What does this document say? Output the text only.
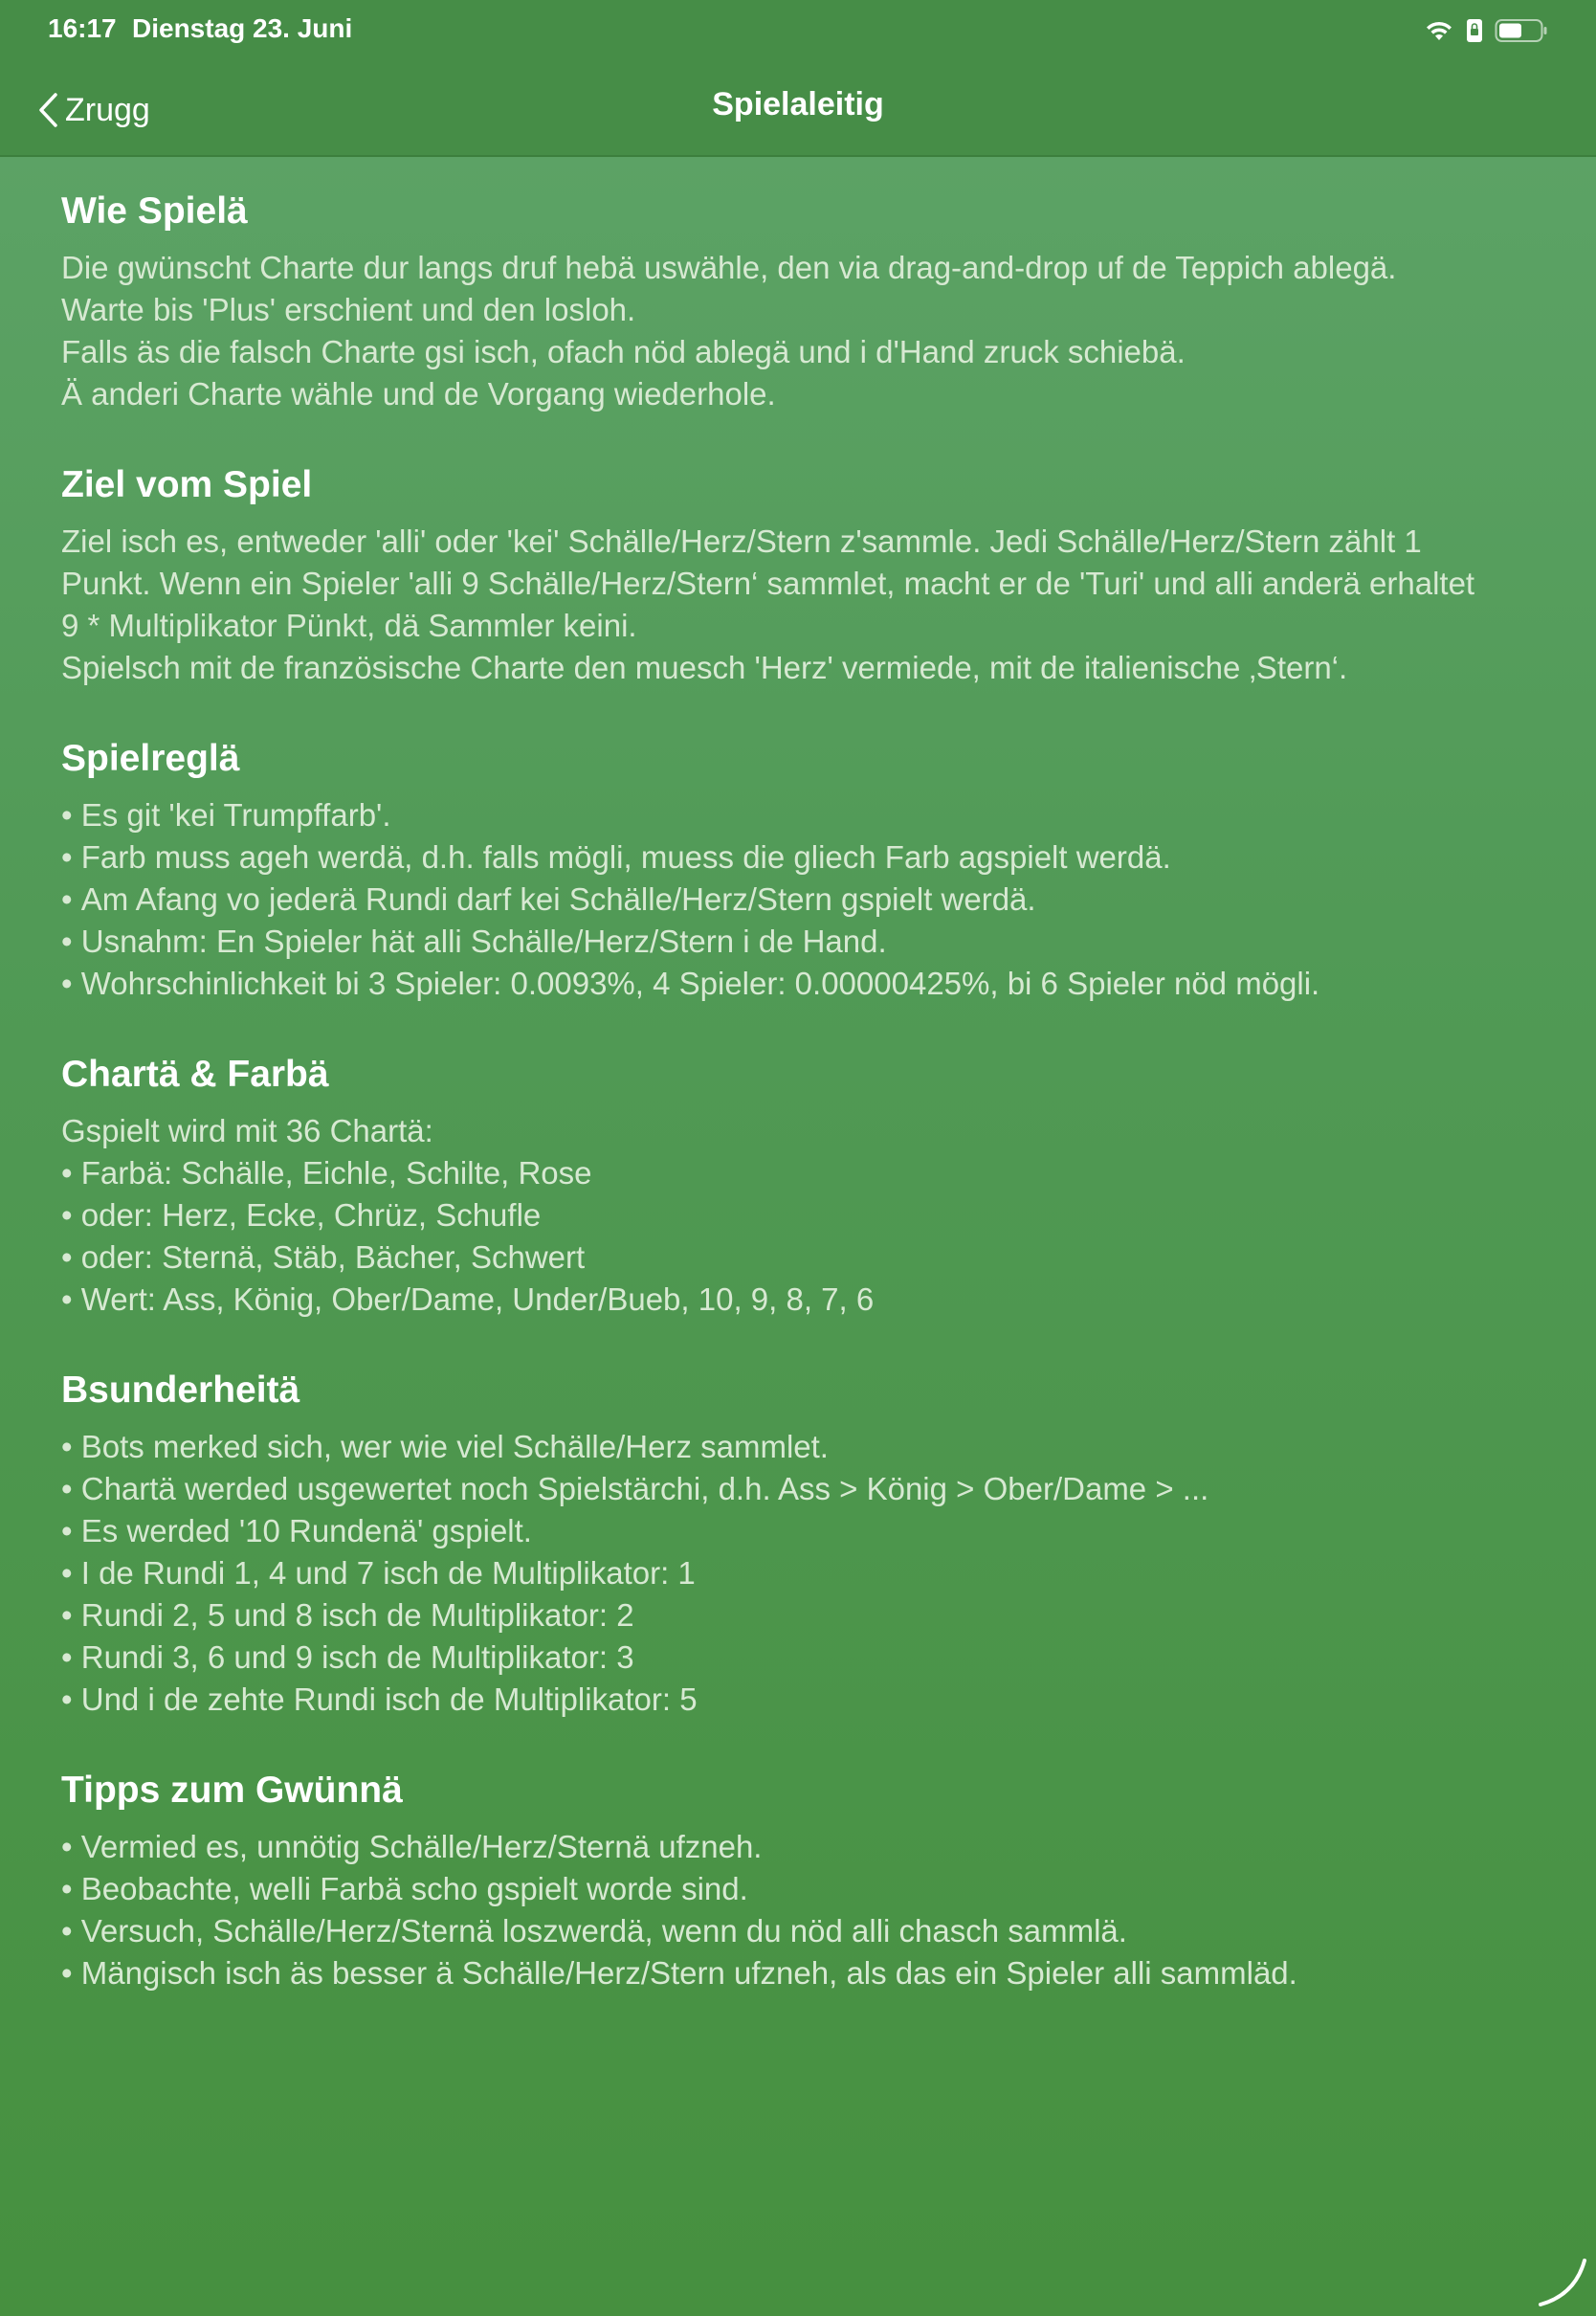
16:17 Dienstag 23. Juni
Spielaleitig
Zrugg
Wie Spielä
Die gwünscht Charte dur langs druf hebä uswähle, den via drag-and-drop uf de Teppich ablegä.
Warte bis 'Plus' erschient und den losloh.
Falls äs die falsch Charte gsi isch, ofach nöd ablegä und i d'Hand zruck schiebä.
Ä anderi Charte wähle und de Vorgang wiederhole.
Ziel vom Spiel
Ziel isch es, entweder 'alli' oder 'kei' Schälle/Herz/Stern z'sammle. Jedi Schälle/Herz/Stern zählt 1
Punkt. Wenn ein Spieler 'alli 9 Schälle/Herz/Stern‘ sammlet, macht er de 'Turi' und alli anderä erhaltet
9 * Multiplikator Pünkt, dä Sammler keini.
Spielsch mit de französische Charte den muesch 'Herz' vermiede, mit de italienische ‚Stern‘.
Spielreglä
• Es git 'kei Trumpffarb'.
• Farb muss ageh werdä, d.h. falls mögli, muess die gliech Farb agspielt werdä.
• Am Afang vo jederä Rundi darf kei Schälle/Herz/Stern gspielt werdä.
• Usnahm: En Spieler hät alli Schälle/Herz/Stern i de Hand.
• Wohrschinlichkeit bi 3 Spieler: 0.0093%, 4 Spieler: 0.00000425%, bi 6 Spieler nöd mögli.
Chartä & Farbä
Gspielt wird mit 36 Chartä:
• Farbä: Schälle, Eichle, Schilte, Rose
• oder: Herz, Ecke, Chrüz, Schufle
• oder: Sternä, Stäb, Bächer, Schwert
• Wert: Ass, König, Ober/Dame, Under/Bueb, 10, 9, 8, 7, 6
Bsunderheitä
• Bots merked sich, wer wie viel Schälle/Herz sammlet.
• Chartä werded usgewertet noch Spielstärchi, d.h. Ass > König > Ober/Dame > ...
• Es werded '10 Rundenä' gspielt.
• I de Rundi 1, 4 und 7 isch de Multiplikator: 1
• Rundi 2, 5 und 8 isch de Multiplikator: 2
• Rundi 3, 6 und 9 isch de Multiplikator: 3
• Und i de zehte Rundi isch de Multiplikator: 5
Tipps zum Gwünnä
• Vermied es, unnötig Schälle/Herz/Sternä ufzneh.
• Beobachte, welli Farbä scho gspielt worde sind.
• Versuch, Schälle/Herz/Sternä loszwerdä, wenn du nöd alli chasch sammlä.
• Mängisch isch äs besser ä Schälle/Herz/Stern ufzneh, als das ein Spieler alli sammläd.
